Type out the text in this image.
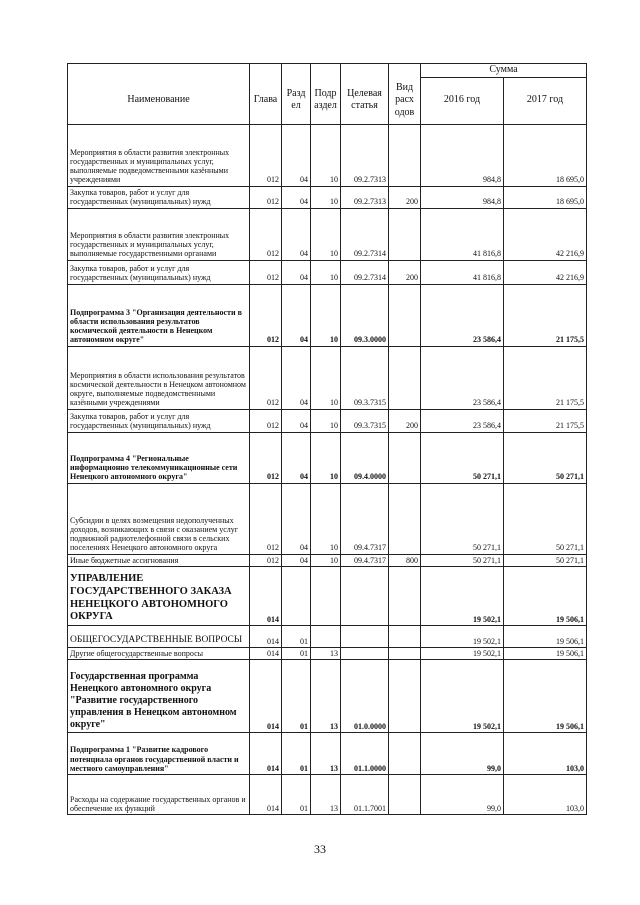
						Сумма	

Наименование	Глава	Разд ел	Подр аздел	Целевая статья	Вид расх одов	2016 год	2017 год
Мероприятия в области развития электронных государственных и муниципальных услуг, выполняемые подведомственными казёнными учреждениями	012	04	10	09.2.7313		984,8	18 695,0
Закупка товаров, работ и услуг для государственных (муниципальных) нужд	012	04	10	09.2.7313	200	984,8	18 695,0
Мероприятия в области развития электронных государственных и муниципальных услуг, выполняемые государственными органами	012	04	10	09.2.7314		41 816,8	42 216,9
Закупка товаров, работ и услуг для государственных (муниципальных) нужд	012	04	10	09.2.7314	200	41 816,8	42 216,9
Подпрограмма 3 "Организация деятельности в области использования результатов космической деятельности в Ненецком автономном округе"	012	04	10	09.3.0000		23 586,4	21 175,5
Мероприятия в области использования результатов космической деятельности в Ненецком автономном округе, выполняемые подведомственными казёнными учреждениями	012	04	10	09.3.7315		23 586,4	21 175,5
Закупка товаров, работ и услуг для государственных (муниципальных) нужд	012	04	10	09.3.7315	200	23 586,4	21 175,5
Подпрограмма 4 "Региональные информационно телекоммуникационные сети Ненецкого автономного округа"	012	04	10	09.4.0000		50 271,1	50 271,1
Субсидии в целях возмещения недополученных доходов, возникающих в связи с оказанием услуг подвижной радиотелефонной связи в сельских поселениях Ненецкого автономного округа	012	04	10	09.4.7317		50 271,1	50 271,1
Иные бюджетные ассигнования	012	04	10	09.4.7317	800	50 271,1	50 271,1
УПРАВЛЕНИЕ ГОСУДАРСТВЕННОГО ЗАКАЗА НЕНЕЦКОГО АВТОНОМНОГО ОКРУГА	014					19 502,1	19 506,1
ОБЩЕГОСУДАРСТВЕННЫЕ ВОПРОСЫ	014	01				19 502,1	19 506,1
Другие общегосударственные вопросы	014	01	13			19 502,1	19 506,1
Государственная программа Ненецкого автономного округа "Развитие государственного управления в Ненецком автономном округе"	014	01	13	01.0.0000		19 502,1	19 506,1
Подпрограмма 1 "Развитие кадрового потенциала органов государственной власти и местного самоуправления"	014	01	13	01.1.0000		99,0	103,0
Расходы на содержание государственных органов и обеспечение их функций	014	01	13	01.1.7001		99,0	103,0
33
